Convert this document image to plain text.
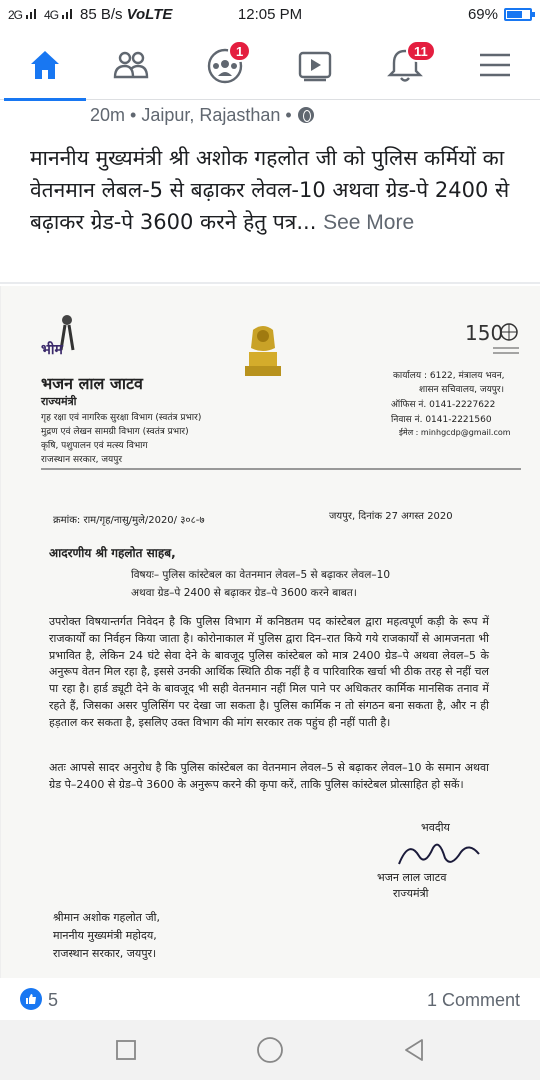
2G 4G 85 B/s VoLTE	12:05 PM	69%
1	11
20m • Jaipur, Rajasthan •
माननीय मुख्यमंत्री श्री अशोक गहलोत जी को पुलिस कर्मियों का वेतनमान लेबल-5 से बढ़ाकर लेवल-10 अथवा ग्रेड-पे 2400 से बढ़ाकर ग्रेड-पे 3600 करने हेतु पत्र... See More
भीम
150
भजन लाल जाटव
राज्यमंत्री
गृह रक्षा एवं नागरिक सुरक्षा विभाग (स्वतंत्र प्रभार)
मुद्रण एवं लेखन सामग्री विभाग (स्वतंत्र प्रभार)
कृषि, पशुपालन एवं मत्स्य विभाग
राजस्थान सरकार, जयपुर
कार्यालय : 6122, मंत्रालय भवन,
शासन सचिवालय, जयपुर।
ऑफिस नं. 0141-2227622
निवास नं. 0141-2221560
ईमेल : minhgcdp@gmail.com
क्रमांक: राम/गृह/नासु/मुले/2020/ ३०८-७	जयपुर, दिनांक 27 अगस्त 2020
आदरणीय श्री गहलोत साहब,
विषयः– पुलिस कांस्टेबल का वेतनमान लेवल–5 से बढ़ाकर लेवल–10
अथवा ग्रेड–पे 2400 से बढ़ाकर ग्रेड–पे 3600 करने बाबत।
उपरोक्त विषयान्तर्गत निवेदन है कि पुलिस विभाग में कनिष्ठतम पद कांस्टेबल द्वारा महत्वपूर्ण कड़ी के रूप में राजकार्यों का निर्वहन किया जाता है। कोरोनाकाल में पुलिस द्वारा दिन–रात किये गये राजकार्यों से आमजनता भी प्रभावित है, लेकिन 24 घंटे सेवा देने के बावजूद पुलिस कांस्टेबल को मात्र 2400 ग्रेड–पे अथवा लेवल–5 के अनुरूप वेतन मिल रहा है, इससे उनकी आर्थिक स्थिति ठीक नहीं है व पारिवारिक खर्चा भी ठीक तरह से नहीं चल पा रहा है। हार्ड ड्यूटी देने के बावजूद भी सही वेतनमान नहीं मिल पाने पर अधिकतर कार्मिक मानसिक तनाव में रहते हैं, जिसका असर पुलिसिंग पर देखा जा सकता है। पुलिस कार्मिक न तो संगठन बना सकता है, और न ही हड़ताल कर सकता है, इसलिए उक्त विभाग की मांग सरकार तक पहुंच ही नहीं पाती है।
अतः आपसे सादर अनुरोध है कि पुलिस कांस्टेबल का वेतनमान लेवल–5 से बढ़ाकर लेवल–10 के समान अथवा ग्रेड पे–2400 से ग्रेड–पे 3600 के अनुरूप करने की कृपा करें, ताकि पुलिस कांस्टेबल प्रोत्साहित हो सकें।
भवदीय
भजन लाल जाटव
राज्यमंत्री
श्रीमान अशोक गहलोत जी,
माननीय मुख्यमंत्री महोदय,
राजस्थान सरकार, जयपुर।
5	1 Comment
